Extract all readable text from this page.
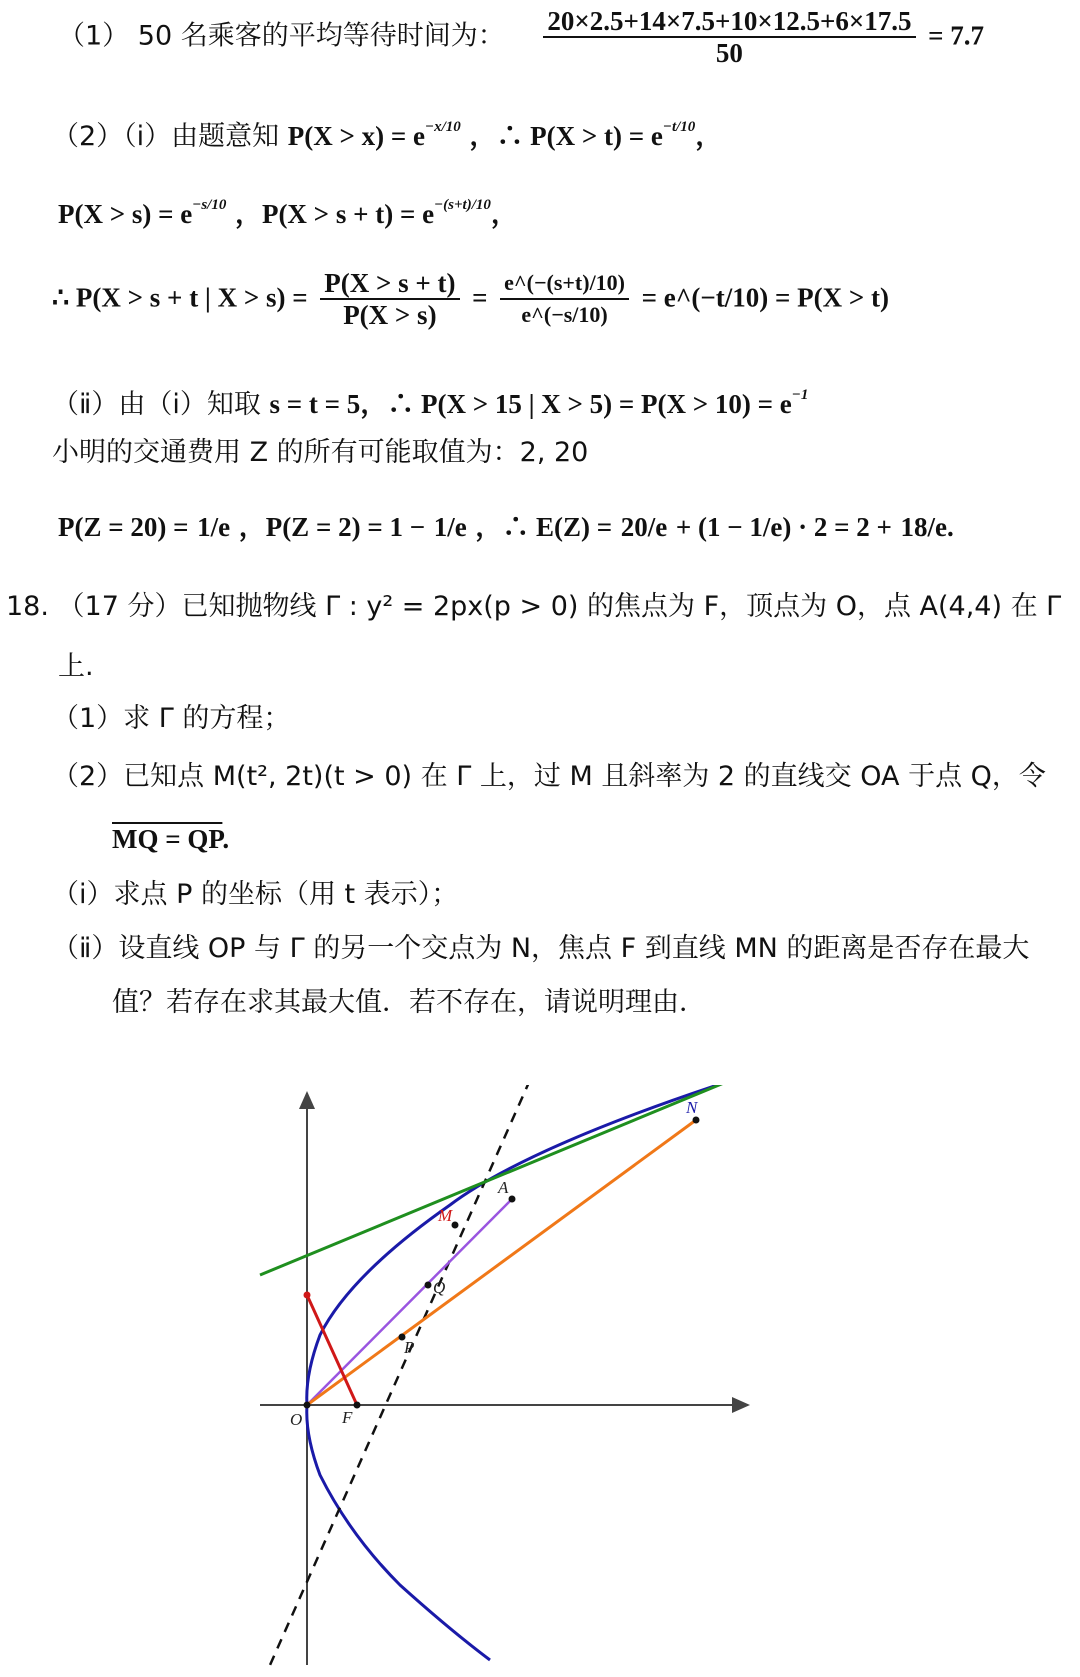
（1） 50 名乘客的平均等待时间为： $\frac{20\times 2.5+14\times 7.5+10\times 12.5+6\times 17.5}{50} = 7.7$
（2）（ⅰ）由题意知 $P(X > x) = e^{-x/10}$ ，∴ $P(X > t) = e^{-t/10}$，
$P(X > s) = e^{-s/10}$ ，$P(X > s + t) = e^{-(s+t)/10}$，
∴ P(X > s + t | $X > s) = \frac{P(X > s + t)}{P(X > s)} = \frac{e\^{}(-(s+t)/10)}{e\^{}(-s/10)}$ = e^(−t/10) = P(X > t)
（ⅱ）由（ⅰ）知取 s = t = 5，∴ P(X > 15 | $X > 5) = P(X > 10) = e^{-1}$
小明的交通费用 Z 的所有可能取值为：2, 20
P(Z = 20) = 1/e ，P(Z = 2) = 1 − 1/e ，∴ E(Z) = 20/e + (1 − 1/e) · 2 = 2 + 18/e.
18. （17 分）已知抛物线 Γ : y² = 2px(p > 0) 的焦点为 F，顶点为 O，点 A(4,4) 在 Γ
上.
（1）求 Γ 的方程；
（2）已知点 M(t², 2t)(t > 0) 在 Γ 上，过 M 且斜率为 2 的直线交 OA 于点 Q，令
MQ = QP.
（ⅰ）求点 P 的坐标（用 t 表示）；
（ⅱ）设直线 OP 与 Γ 的另一个交点为 N，焦点 F 到直线 MN 的距离是否存在最大
值？若存在求其最大值．若不存在，请说明理由．
N
A
M
Q
P
O F
